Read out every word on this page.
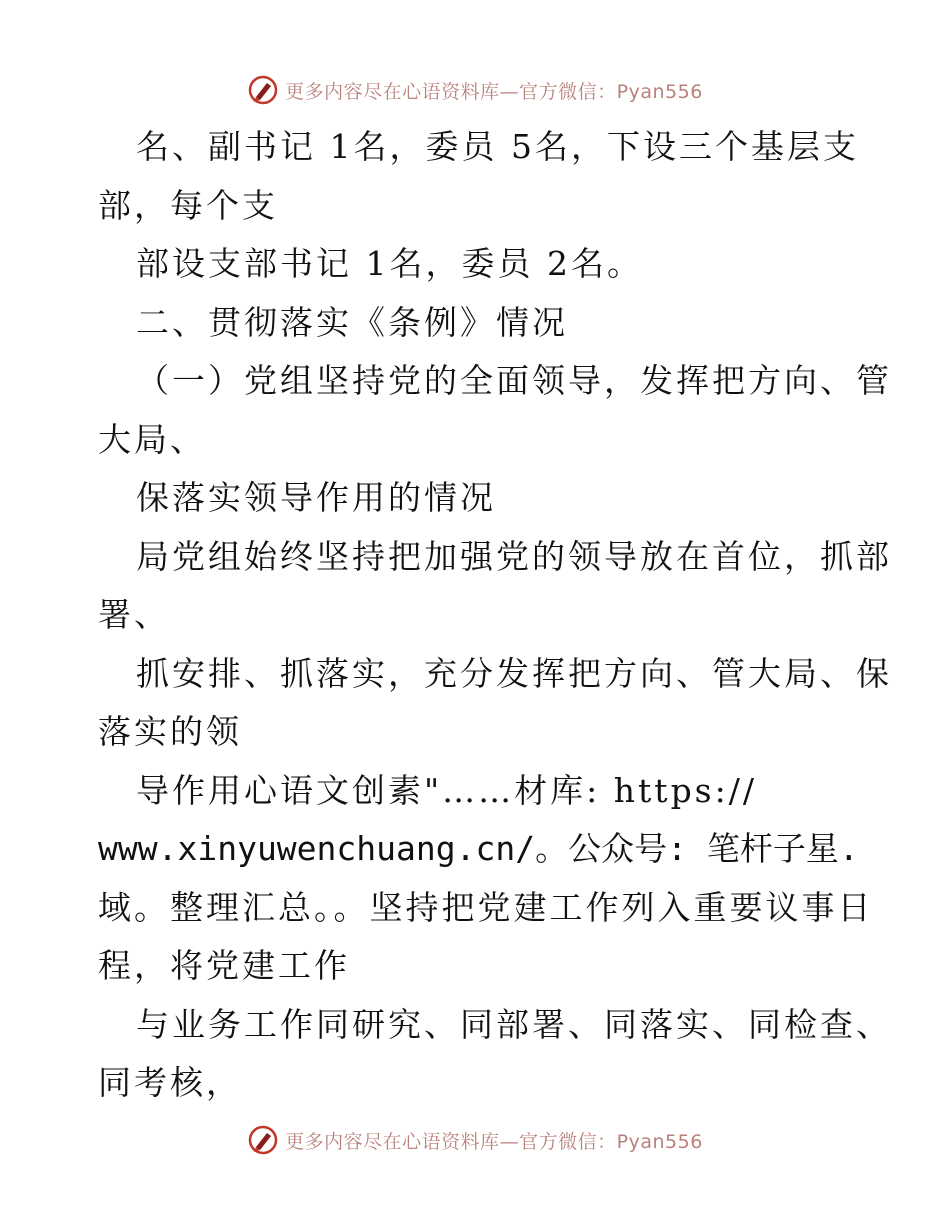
更多内容尽在心语资料库—官方微信：Pyan556
名、副书记 1名，委员 5名，下设三个基层支
部，每个支
部设支部书记 1名，委员 2名。
二、贯彻落实《条例》情况
（一）党组坚持党的全面领导，发挥把方向、管
大局、
保落实领导作用的情况
局党组始终坚持把加强党的领导放在首位，抓部
署、
抓安排、抓落实，充分发挥把方向、管大局、保
落实的领
导作用心语文创素"……材库: https://
www.xinyuwenchuang.cn/。公众号: 笔杆子星.
域。整理汇总。。坚持把党建工作列入重要议事日
程，将党建工作
与业务工作同研究、同部署、同落实、同检查、
同考核，
更多内容尽在心语资料库—官方微信：Pyan556
